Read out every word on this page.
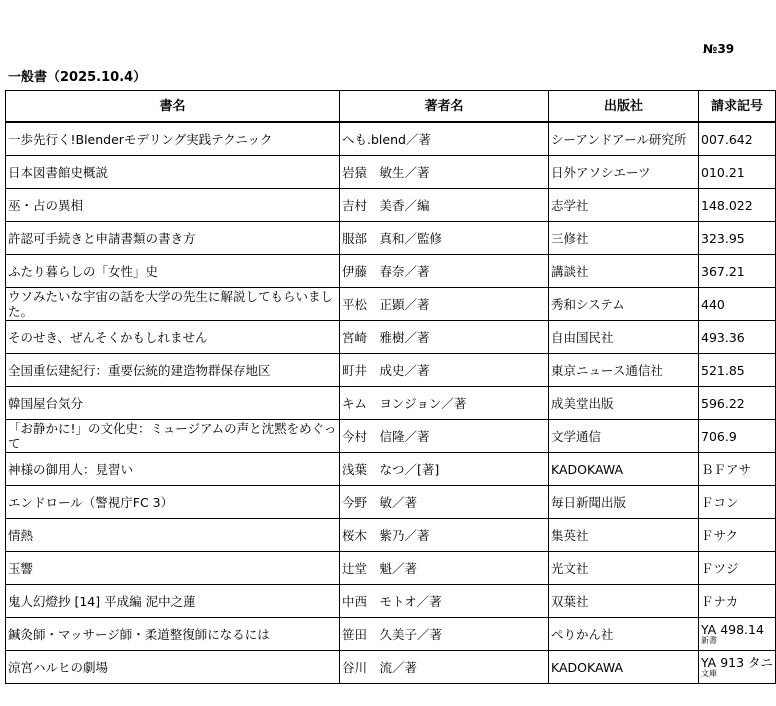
№39
一般書（2025.10.4）
書名	著者名	出版社	請求記号
一歩先行く!Blenderモデリング実践テクニック	へも.blend／著	シーアンドアール研究所	007.642
日本図書館史概説	岩猿　敏生／著	日外アソシエーツ	010.21
巫・占の異相	吉村　美香／編	志学社	148.022
許認可手続きと申請書類の書き方	服部　真和／監修	三修社	323.95
ふたり暮らしの「女性」史	伊藤　春奈／著	講談社	367.21
ウソみたいな宇宙の話を大学の先生に解説してもらいました。	平松　正顕／著	秀和システム	440
そのせき、ぜんそくかもしれません	宮崎　雅樹／著	自由国民社	493.36
全国重伝建紀行：重要伝統的建造物群保存地区	町井　成史／著	東京ニュース通信社	521.85
韓国屋台気分	キム　ヨンジョン／著	成美堂出版	596.22
「お静かに!」の文化史：ミュージアムの声と沈黙をめぐって	今村　信隆／著	文学通信	706.9
神様の御用人：見習い	浅葉　なつ／[著]	KADOKAWA	ＢＦアサ
エンドロール（警視庁FC 3）	今野　敏／著	毎日新聞出版	Ｆコン
情熱	桜木　紫乃／著	集英社	Ｆサク
玉響	辻堂　魁／著	光文社	Ｆツジ
鬼人幻燈抄 [14] 平成編 泥中之蓮	中西　モトオ／著	双葉社	Ｆナカ
鍼灸師・マッサージ師・柔道整復師になるには	笹田　久美子／著	ぺりかん社	YA 498.14
新書

涼宮ハルヒの劇場	谷川　流／著	KADOKAWA	YA 913 タニ
文庫
